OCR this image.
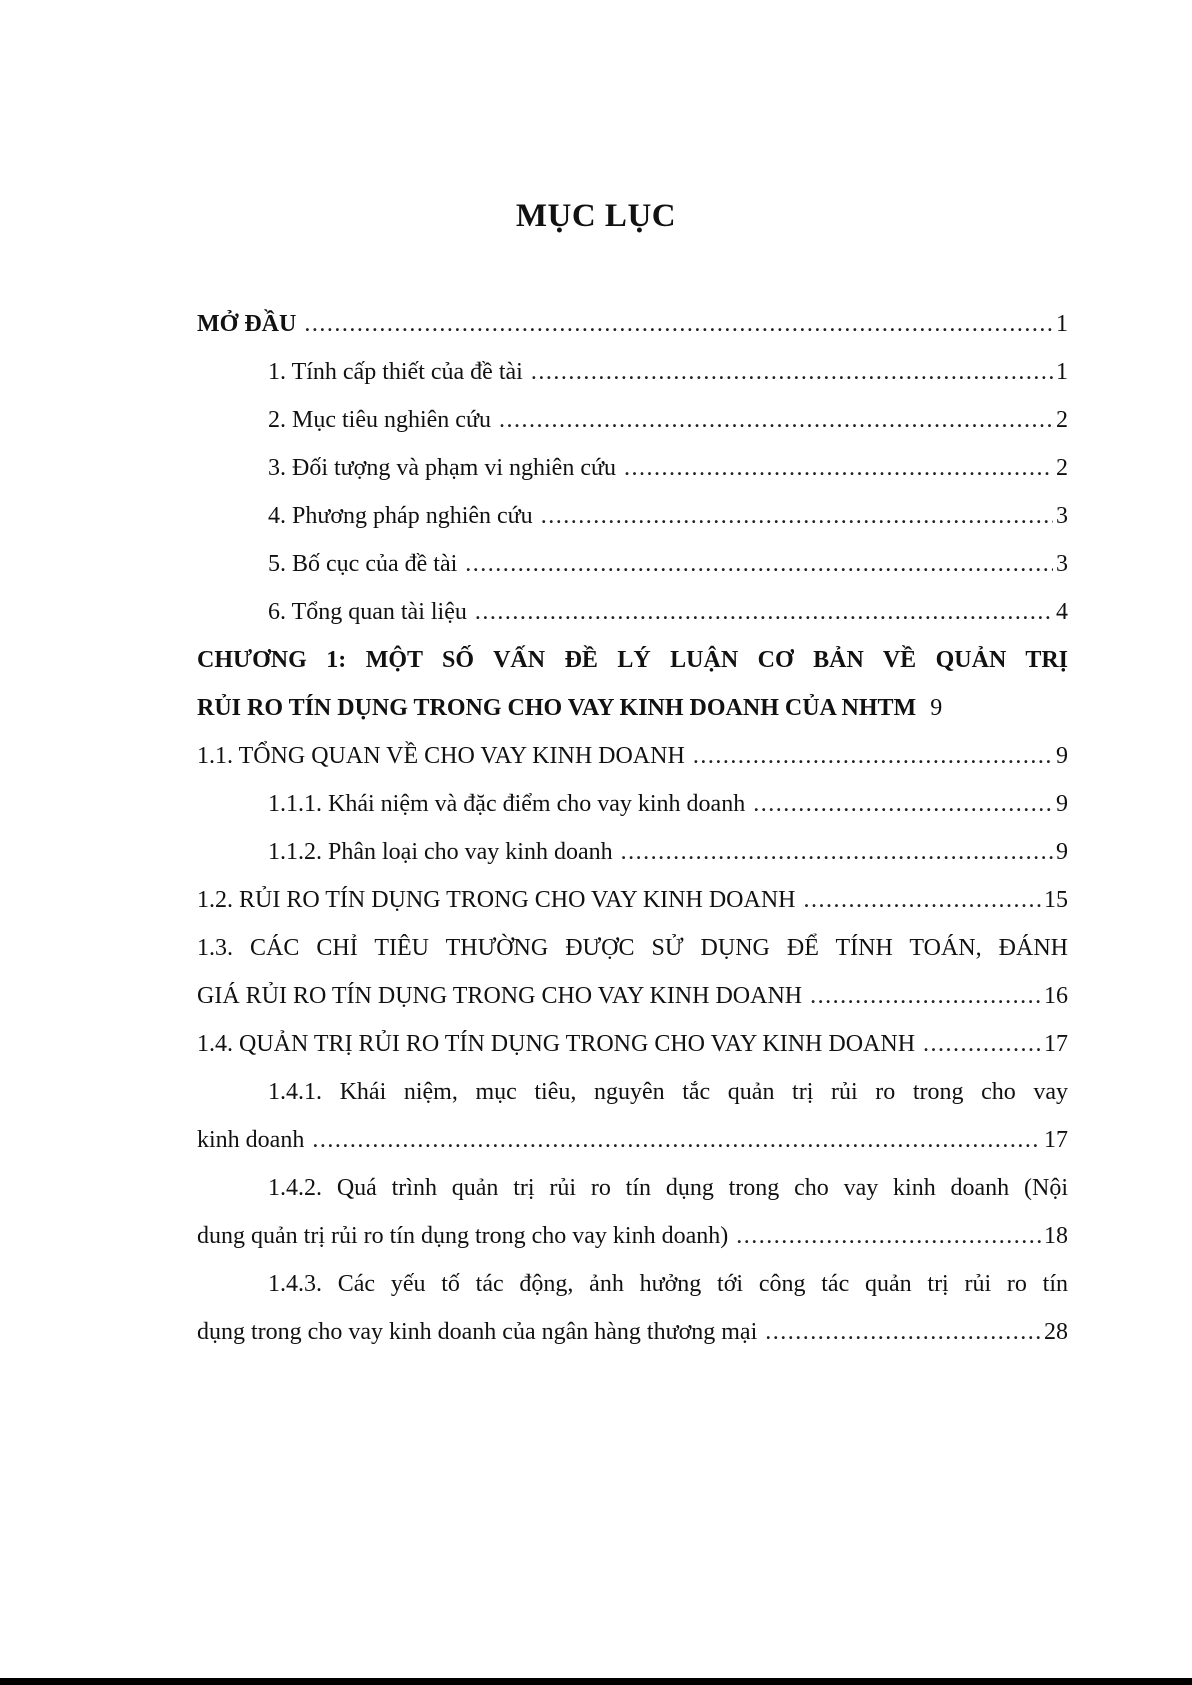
MỤC LỤC
MỞ ĐẦU .....	1
1. Tính cấp thiết của đề tài .....	1
2. Mục tiêu nghiên cứu .....	2
3. Đối tượng và phạm vi nghiên cứu .....	2
4. Phương pháp nghiên cứu .....	3
5. Bố cục của đề tài .....	3
6. Tổng quan tài liệu .....	4
CHƯƠNG 1: MỘT SỐ VẤN ĐỀ LÝ LUẬN CƠ BẢN VỀ QUẢN TRỊ
RỦI RO TÍN DỤNG TRONG CHO VAY KINH DOANH CỦA NHTM 9
1.1. TỔNG QUAN VỀ CHO VAY KINH DOANH .....	9
1.1.1. Khái niệm và đặc điểm cho vay kinh doanh .....	9
1.1.2. Phân loại cho vay kinh doanh .....	9
1.2. RỦI RO TÍN DỤNG TRONG CHO VAY KINH DOANH .....	15
1.3. CÁC CHỈ TIÊU THƯỜNG ĐƯỢC SỬ DỤNG ĐỂ TÍNH TOÁN, ĐÁNH
GIÁ RỦI RO TÍN DỤNG TRONG CHO VAY KINH DOANH .....	16
1.4. QUẢN TRỊ RỦI RO TÍN DỤNG TRONG CHO VAY KINH DOANH .....	17
1.4.1. Khái niệm, mục tiêu, nguyên tắc quản trị rủi ro trong cho vay
kinh doanh .....	17
1.4.2. Quá trình quản trị rủi ro tín dụng trong cho vay kinh doanh (Nội
dung quản trị rủi ro tín dụng trong cho vay kinh doanh) .....	18
1.4.3. Các yếu tố tác động, ảnh hưởng tới công tác quản trị rủi ro tín
dụng trong cho vay kinh doanh của ngân hàng thương mại .....	28
